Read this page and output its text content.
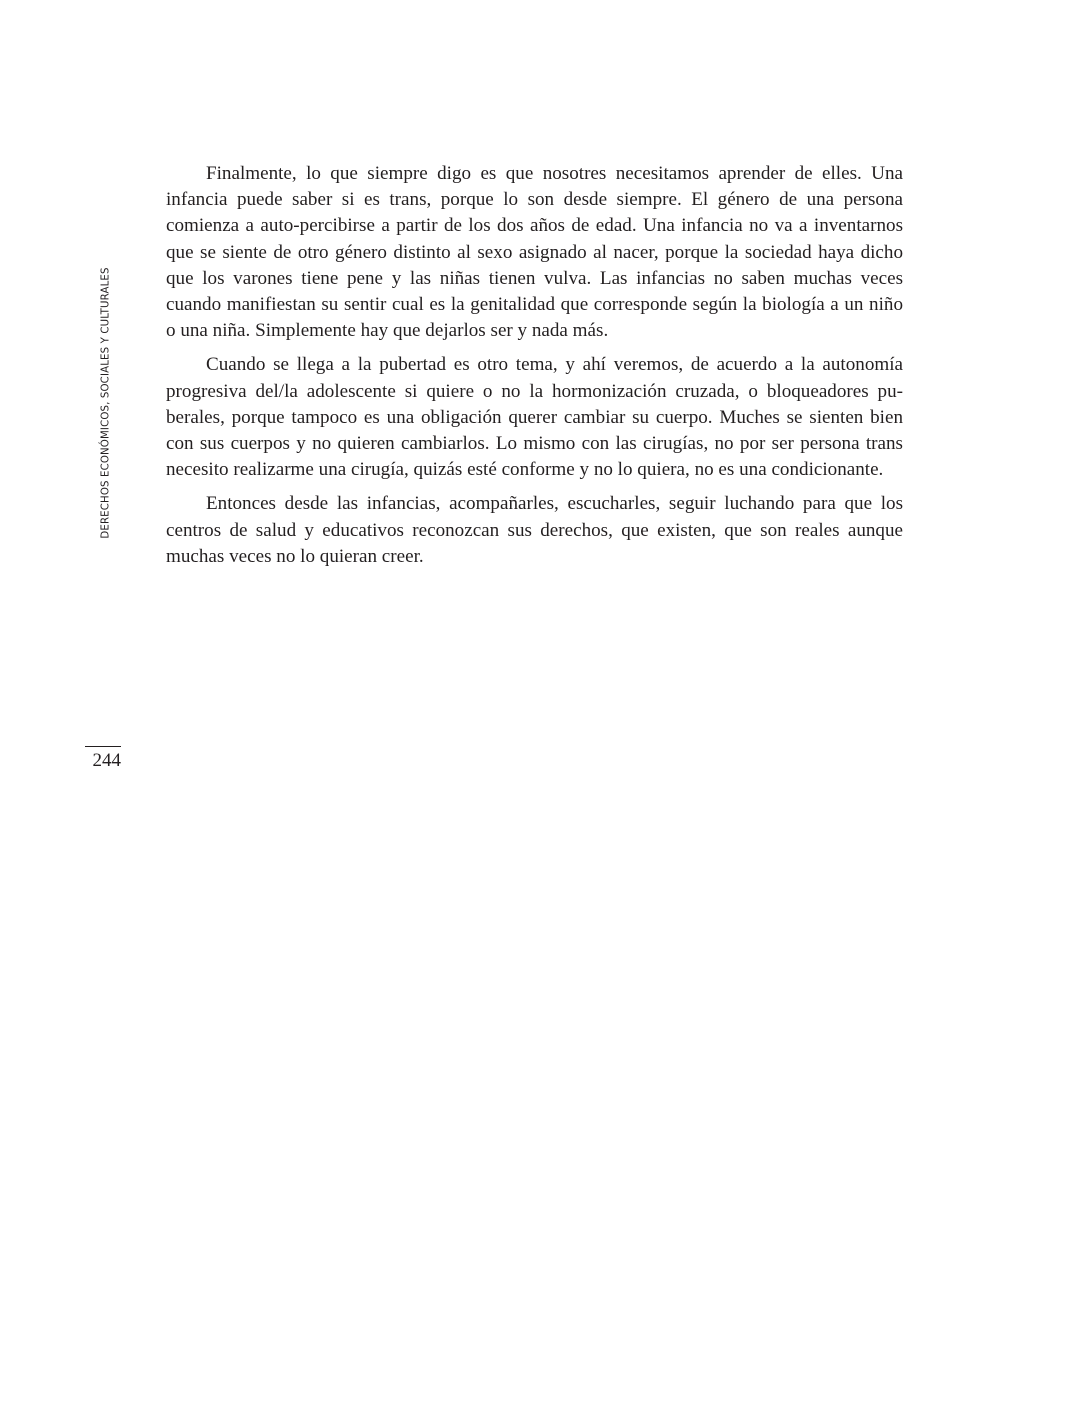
DERECHOS ECONÓMICOS, SOCIALES Y CULTURALES

Finalmente, lo que siempre digo es que nosotres necesitamos aprender de elles. Una infancia puede saber si es trans, porque lo son desde siempre. El género de una persona comienza a auto-percibirse a partir de los dos años de edad. Una infancia no va a inventarnos que se siente de otro género distinto al sexo asignado al nacer, porque la sociedad haya dicho que los varones tiene pene y las niñas tienen vulva. Las infancias no saben muchas veces cuando manifiestan su sentir cual es la genitalidad que corresponde según la biología a un niño o una niña. Simplemente hay que dejarlos ser y nada más.

Cuando se llega a la pubertad es otro tema, y ahí veremos, de acuerdo a la autonomía progresiva del/la adolescente si quiere o no la hormonización cruzada, o bloqueadores puberales, porque tampoco es una obligación querer cambiar su cuerpo. Muches se sienten bien con sus cuerpos y no quieren cambiarlos. Lo mismo con las cirugías, no por ser persona trans necesito realizarme una cirugía, quizás esté conforme y no lo quiera, no es una condicionante.

Entonces desde las infancias, acompañarles, escucharles, seguir luchando para que los centros de salud y educativos reconozcan sus derechos, que existen, que son reales aunque muchas veces no lo quieran creer.

244
